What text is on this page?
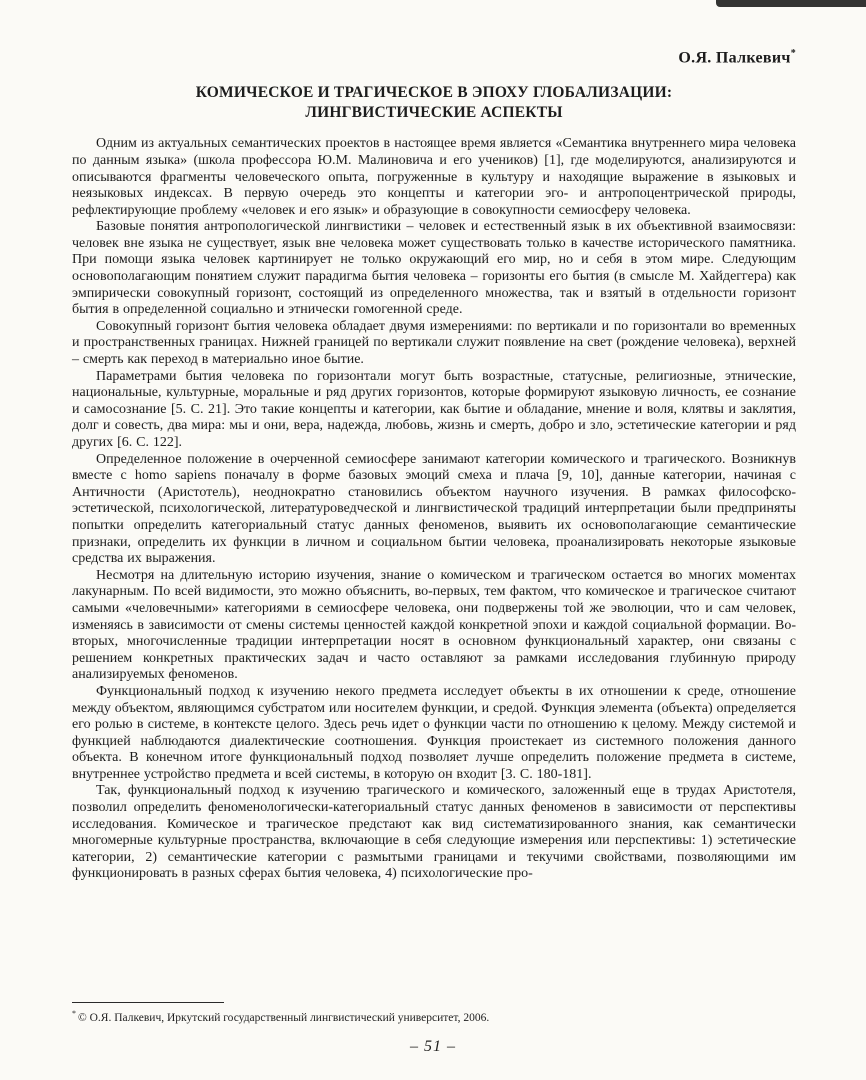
О.Я. Палкевич*
КОМИЧЕСКОЕ И ТРАГИЧЕСКОЕ В ЭПОХУ ГЛОБАЛИЗАЦИИ:
ЛИНГВИСТИЧЕСКИЕ АСПЕКТЫ

Одним из актуальных семантических проектов в настоящее время является «Семантика внутреннего мира человека по данным языка» (школа профессора Ю.М. Малиновича и его учеников) [1], где моделируются, анализируются и описываются фрагменты человеческого опыта, погруженные в культуру и находящие выражение в языковых и неязыковых индексах. В первую очередь это концепты и категории эго- и антропоцентрической природы, рефлектирующие проблему «человек и его язык» и образующие в совокупности семиосферу человека.

Базовые понятия антропологической лингвистики – человек и естественный язык в их объективной взаимосвязи: человек вне языка не существует, язык вне человека может существовать только в качестве исторического памятника. При помощи языка человек картинирует не только окружающий его мир, но и себя в этом мире. Следующим основополагающим понятием служит парадигма бытия человека – горизонты его бытия (в смысле М. Хайдеггера) как эмпирически совокупный горизонт, состоящий из определенного множества, так и взятый в отдельности горизонт бытия в определенной социально и этнически гомогенной среде.

Совокупный горизонт бытия человека обладает двумя измерениями: по вертикали и по горизонтали во временных и пространственных границах. Нижней границей по вертикали служит появление на свет (рождение человека), верхней – смерть как переход в материально иное бытие.

Параметрами бытия человека по горизонтали могут быть возрастные, статусные, религиозные, этнические, национальные, культурные, моральные и ряд других горизонтов, которые формируют языковую личность, ее сознание и самосознание [5. С. 21]. Это такие концепты и категории, как бытие и обладание, мнение и воля, клятвы и заклятия, долг и совесть, два мира: мы и они, вера, надежда, любовь, жизнь и смерть, добро и зло, эстетические категории и ряд других [6. С. 122].

Определенное положение в очерченной семиосфере занимают категории комического и трагического. Возникнув вместе с homo sapiens поначалу в форме базовых эмоций смеха и плача [9, 10], данные категории, начиная с Античности (Аристотель), неоднократно становились объектом научного изучения. В рамках философско-эстетической, психологической, литературоведческой и лингвистической традиций интерпретации были предприняты попытки определить категориальный статус данных феноменов, выявить их основополагающие семантические признаки, определить их функции в личном и социальном бытии человека, проанализировать некоторые языковые средства их выражения.

Несмотря на длительную историю изучения, знание о комическом и трагическом остается во многих моментах лакунарным. По всей видимости, это можно объяснить, во-первых, тем фактом, что комическое и трагическое считают самыми «человечными» категориями в семиосфере человека, они подвержены той же эволюции, что и сам человек, изменяясь в зависимости от смены системы ценностей каждой конкретной эпохи и каждой социальной формации. Во-вторых, многочисленные традиции интерпретации носят в основном функциональный характер, они связаны с решением конкретных практических задач и часто оставляют за рамками исследования глубинную природу анализируемых феноменов.

Функциональный подход к изучению некого предмета исследует объекты в их отношении к среде, отношение между объектом, являющимся субстратом или носителем функции, и средой. Функция элемента (объекта) определяется его ролью в системе, в контексте целого. Здесь речь идет о функции части по отношению к целому. Между системой и функцией наблюдаются диалектические соотношения. Функция проистекает из системного положения данного объекта. В конечном итоге функциональный подход позволяет лучше определить положение предмета в системе, внутреннее устройство предмета и всей системы, в которую он входит [3. С. 180-181].

Так, функциональный подход к изучению трагического и комического, заложенный еще в трудах Аристотеля, позволил определить феноменологически-категориальный статус данных феноменов в зависимости от перспективы исследования. Комическое и трагическое предстают как вид систематизированного знания, как семантически многомерные культурные пространства, включающие в себя следующие измерения или перспективы: 1) эстетические категории, 2) семантические категории с размытыми границами и текучими свойствами, позволяющими им функционировать в разных сферах бытия человека, 4) психологические про-

* © О.Я. Палкевич, Иркутский государственный лингвистический университет, 2006.
– 51 –
